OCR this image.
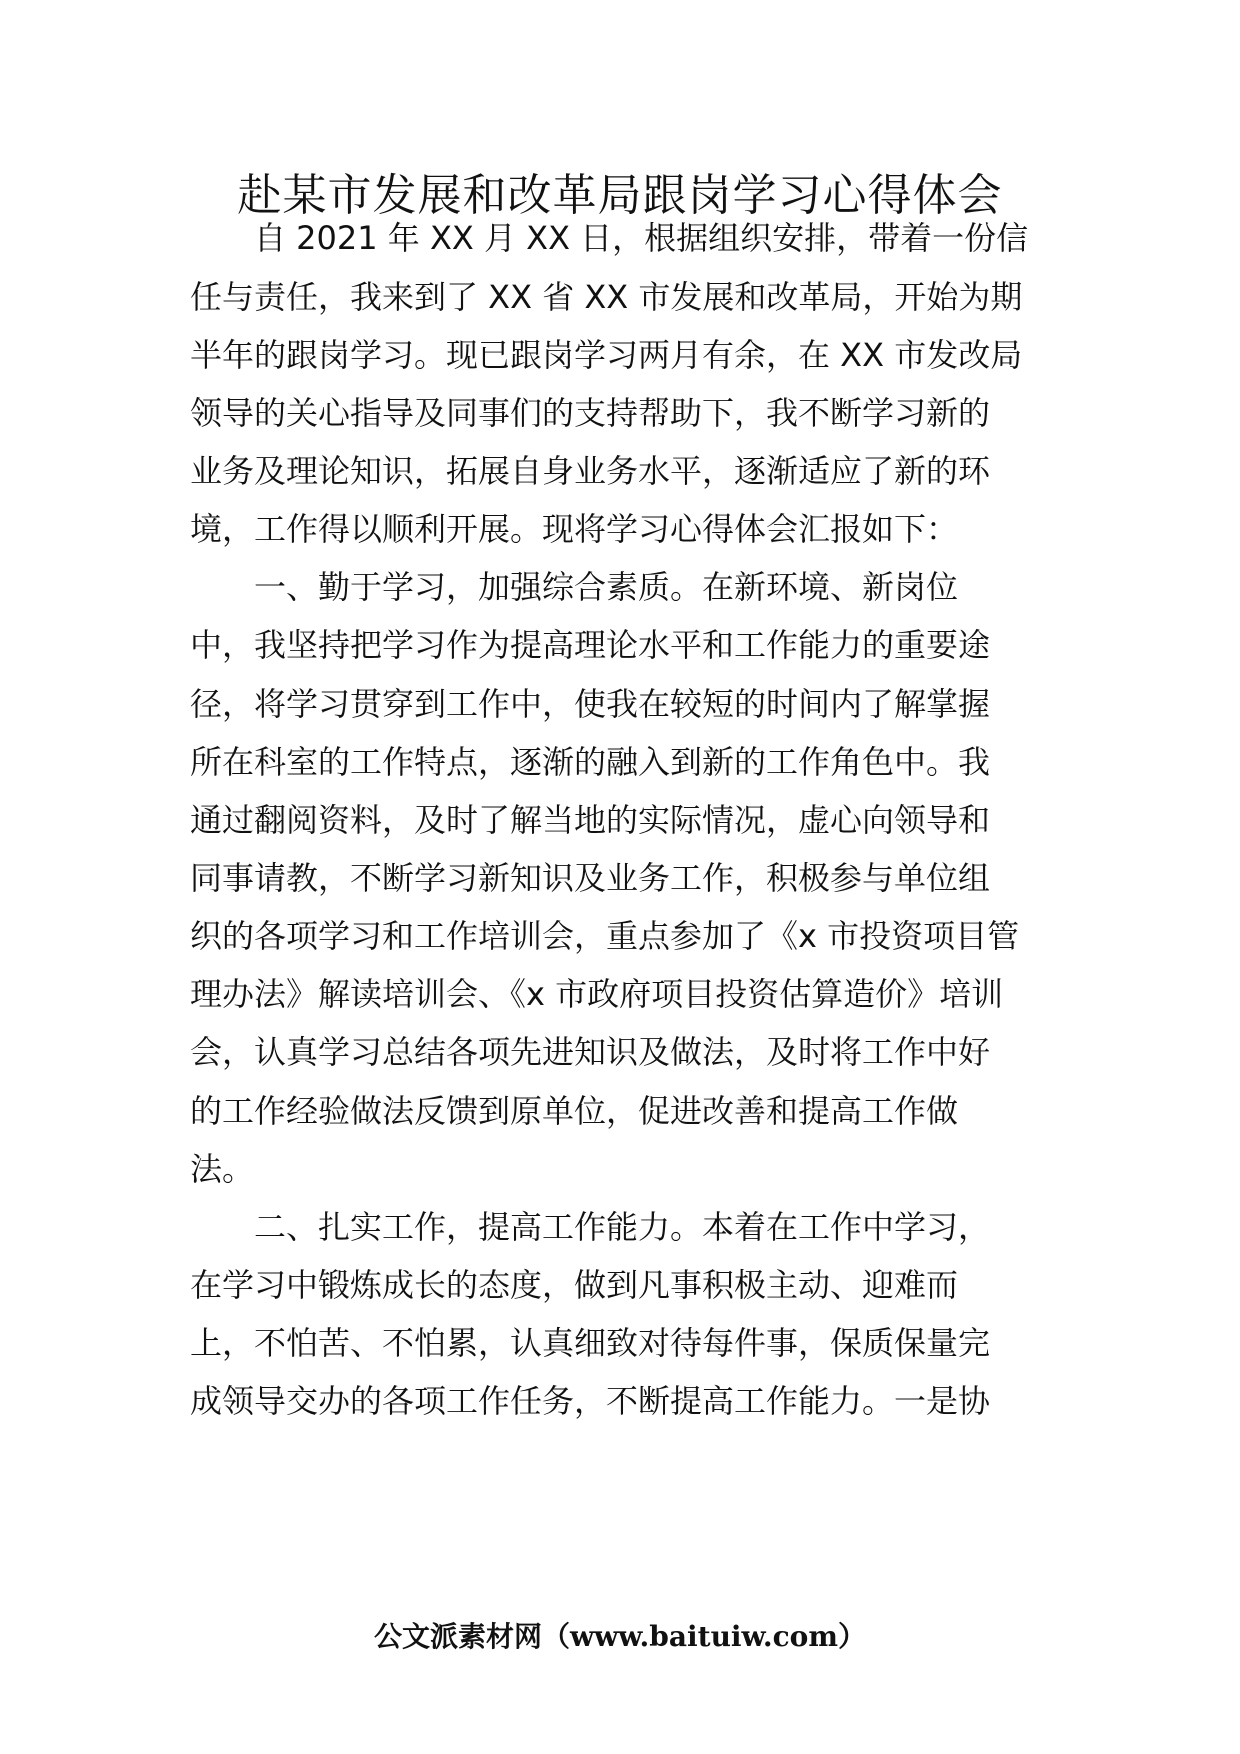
赴某市发展和改革局跟岗学习心得体会
　　自 2021 年 XX 月 XX 日，根据组织安排，带着一份信
任与责任，我来到了 XX 省 XX 市发展和改革局，开始为期
半年的跟岗学习。现已跟岗学习两月有余，在 XX 市发改局
领导的关心指导及同事们的支持帮助下，我不断学习新的
业务及理论知识，拓展自身业务水平，逐渐适应了新的环
境，工作得以顺利开展。现将学习心得体会汇报如下：
　　一、勤于学习，加强综合素质。在新环境、新岗位
中，我坚持把学习作为提高理论水平和工作能力的重要途
径，将学习贯穿到工作中，使我在较短的时间内了解掌握
所在科室的工作特点，逐渐的融入到新的工作角色中。我
通过翻阅资料，及时了解当地的实际情况，虚心向领导和
同事请教，不断学习新知识及业务工作，积极参与单位组
织的各项学习和工作培训会，重点参加了《x 市投资项目管
理办法》解读培训会、《x 市政府项目投资估算造价》培训
会，认真学习总结各项先进知识及做法，及时将工作中好
的工作经验做法反馈到原单位，促进改善和提高工作做
法。
　　二、扎实工作，提高工作能力。本着在工作中学习，
在学习中锻炼成长的态度，做到凡事积极主动、迎难而
上，不怕苦、不怕累，认真细致对待每件事，保质保量完
成领导交办的各项工作任务，不断提高工作能力。一是协
公文派素材网（www.baituiw.com）
